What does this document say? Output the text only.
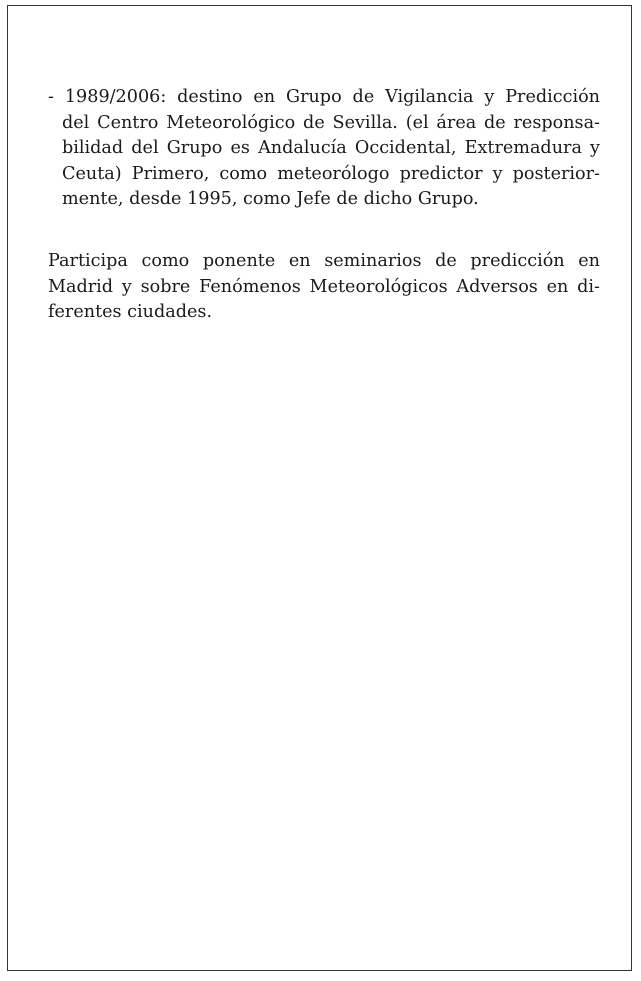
- 1989/2006: destino en Grupo de Vigilancia y Predicción
del Centro Meteorológico de Sevilla. (el área de responsa-
bilidad del Grupo es Andalucía Occidental, Extremadura y
Ceuta) Primero, como meteorólogo predictor y posterior-
mente, desde 1995, como Jefe de dicho Grupo.
Participa como ponente en seminarios de predicción en
Madrid y sobre Fenómenos Meteorológicos Adversos en di-
ferentes ciudades.
